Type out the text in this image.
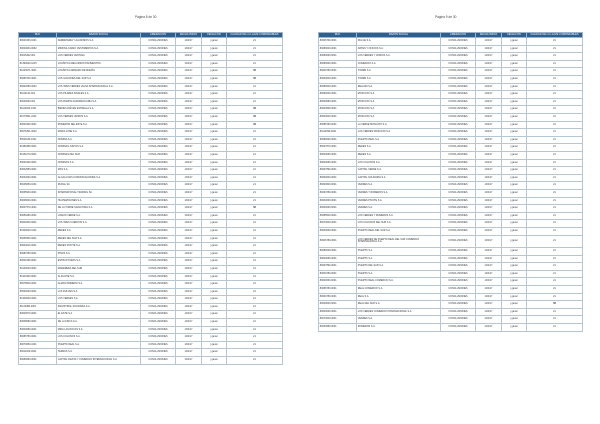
Página 8 de 30
RUC	RAZON SOCIAL	LIBERACIÓN	FECHA INICIO	FECHA FIN	CALIDAD DE LA LLAVE COMPARABLES
80000153-1001	FERRETERIA Y ALUMINIOS S.A.	CONCLUSIONES	1/04/17	j ganar	21
80000034-0062	MIMOSA CAREY VESTIMENTAS S.A.	CONCLUSIONES	1/04/17	j ganar	21
80015402-001	LOS VERDES VENTASA	CONCLUSIONES	1/04/17	j ganar	21
81390000-1015	LOGÍSTICA RECURSOS PAVIMENTOS	CONCLUSIONES	1/04/17	j ganar	21
81023071-3001	LOGÍSTICA ARMADO DE MAMÁS	CONCLUSIONES	1/04/17	j ganar	NB
80080700-3001	LOS GAVIONES DEL SUR S.A.	CONCLUSIONES	1/04/17	j ganar	NB
80002080-0032	LOS TRES VERDES VALSA INTERNACIONAL S.A.	CONCLUSIONES	1/04/17	j ganar	21
81102131-001	LOS PILARES FINALES S.A.	CONCLUSIONES	1/04/17	j ganar	21
80040030-001	LOS RAMOS AGROPECUARIA S.A.	CONCLUSIONES	1/04/17	j ganar	21
81102003-1001	BIENES RAÍCES ESTRELLA S.A.	CONCLUSIONES	1/04/17	j ganar	NB
81073501-1001	LOS VERDES UNIDOS S.A.	CONCLUSIONES	1/04/17	j ganar	NB
80000460-0001	ROMEROS DEL ESTE S.A.	CONCLUSIONES	1/04/17	j ganar	NB
80076301-0002	MARIA JOSE S.A.	CONCLUSIONES	1/04/17	j ganar	21
80041180-1001	NOMINA S.A.	CONCLUSIONES	1/04/17	j ganar	21
80180380-0001	NOMINAS JUNTAS S.A.	CONCLUSIONES	1/04/17	j ganar	21
80131070-0001	NOMINAS DEL SUR	CONCLUSIONES	1/04/17	j ganar	21
80000430-0001	NOMINAS S.A.	CONCLUSIONES	1/04/17	j ganar	21
80002580-0001	MAS S.A.	CONCLUSIONES	1/04/17	j ganar	21
80034000-0001	ALCALA MAS COMUNICACIONES S.A.	CONCLUSIONES	1/04/17	j ganar	21
80045050-1001	RURAL SA	CONCLUSIONES	1/04/17	j ganar	21
80065930-0001	INTERNATIONAL TRADING SA	CONCLUSIONES	1/04/17	j ganar	21
80008000-0001	HUATEMOCINES S.A.	CONCLUSIONES	1/04/17	j ganar	21
80007570-3001	DE LA TORRE SIGNATURA S.A.	CONCLUSIONES	1/04/17	j ganar	NB
80056280-0001	LICEOS VERDE S.A.	CONCLUSIONES	1/04/17	j ganar	21
80002000-0001	LOS TRES CUERVOS S.A.	CONCLUSIONES	1/04/17	j ganar	21
80100020-1001	REDES S.A.	CONCLUSIONES	1/04/17	j ganar	21
80066560-0001	REDES DEL SUR S.A.	CONCLUSIONES	1/04/17	j ganar	21
80004610-0001	REDES PIVOTE S.A.	CONCLUSIONES	1/04/17	j ganar	21
80080780-0001	PINOS S.A.	CONCLUSIONES	1/04/17	j ganar	21
80001080-0001	ESTRUCTURAS S.A.	CONCLUSIONES	1/04/17	j ganar	21
80130030-0001	MADERERA DEL SUR	CONCLUSIONES	1/04/17	j ganar	21
80104300-0001	ALICANTE S.A.	CONCLUSIONES	1/04/17	j ganar	21
80078000-0001	ALMAS PRIMERO S.A.	CONCLUSIONES	1/04/17	j ganar	21
80000030-0001	LAS DULCES S.A.	CONCLUSIONES	1/04/17	j ganar	21
80100000-0001	LOS VERDES S.A.	CONCLUSIONES	1/04/17	j ganar	21
81110080-0001	INDUSTRIAL SOLIDARIA S.A.	CONCLUSIONES	1/04/17	j ganar	21
80000070-0001	EL ESTE S.A.	CONCLUSIONES	1/04/17	j ganar	21
80008080-0001	DE LA FINCA S.A.	CONCLUSIONES	1/04/17	j ganar	21
80000080-0001	MINA LAS ROCAS S.A.	CONCLUSIONES	1/04/17	j ganar	21
80086750-0001	LOS COLONOS S.A.	CONCLUSIONES	1/04/17	j ganar	21
80070050-1001	PUERTO REAL S.A.	CONCLUSIONES	1/04/17	j ganar	21
80011000-0001	TERRAS S.A.	CONCLUSIONES	1/04/17	j ganar	21
80080080-0001	CAPITAL FIESTA Y COMERCIO INTERNACIONAL S.A.	CONCLUSIONES	1/04/17	j ganar	21
Página 9 de 30
RUC	RAZON SOCIAL	LIBERACIÓN	FECHA INICIO	FECHA FIN	CALIDAD DE LA LLAVE COMPARABLES
80006760-0001	DULCE S.A.	CONCLUSIONES	1/04/17	j ganar	21
80080000-0001	ARTES Y OFICIOS S.A.	CONCLUSIONES	1/04/17	j ganar	21
80080060-0001	LOS VERDES Y UNIDOS S.A.	CONCLUSIONES	1/04/17	j ganar	21
80080060-0001	COMERCIO S.A.	CONCLUSIONES	1/04/17	j ganar	21
80000780-0001	TORRE S.A.	CONCLUSIONES	1/04/17	j ganar	21
80000000-0001	TORRE S.A.	CONCLUSIONES	1/04/17	j ganar	21
80080000-0001	REALIZA S.A.	CONCLUSIONES	1/04/17	j ganar	21
80090030-0001	MOSCATO S.A.	CONCLUSIONES	1/04/17	j ganar	21
80000080-0001	MOSCATO S.A.	CONCLUSIONES	1/04/17	j ganar	21
80000560-0001	MOSCATO S.A.	CONCLUSIONES	1/04/17	j ganar	21
80000000-0001	MOSCATO S.A.	CONCLUSIONES	1/04/17	j ganar	21
80086780-0001	LA VERDE MOSCATO S.A.	CONCLUSIONES	1/04/17	j ganar	21
81102090-0001	LOS VERDES MOSCATO S.A.	CONCLUSIONES	1/04/17	j ganar	21
80080060-0001	PUERTO REAL S.A.	CONCLUSIONES	1/04/17	j ganar	21
80007870-0001	REDES S.A.	CONCLUSIONES	1/04/17	j ganar	21
80000080-0001	REDES S.A.	CONCLUSIONES	1/04/17	j ganar	21
80000080-0001	LOS COLONOS S.A.	CONCLUSIONES	1/04/17	j ganar	21
80007890-0001	CAPITAL VERDE S.A.	CONCLUSIONES	1/04/17	j ganar	21
80000000-0001	CAPITAL SOLIDARIA S.A.	CONCLUSIONES	1/04/17	j ganar	21
80000600-0001	VERDES S.A.	CONCLUSIONES	1/04/17	j ganar	21
80000780-0001	VERDES Y ROMEROS S.A.	CONCLUSIONES	1/04/17	j ganar	21
80000060-0001	VERDES PIVOTE S.A.	CONCLUSIONES	1/04/17	j ganar	21
80000060-0001	VERDES S.A.	CONCLUSIONES	1/04/17	j ganar	21
80086500-0001	LOS VERDES Y ROMEROS S.A.	CONCLUSIONES	1/04/17	j ganar	21
80070000-0001	LOS COLONOS DEL SUR S.A.	CONCLUSIONES	1/04/17	j ganar	21
80000060-0001	PUERTO REAL DEL SUR S.A.	CONCLUSIONES	1/04/17	j ganar	21
80006780-0001	LOS VERDES DE PUERTO REAL DEL SUR COMERCIO INTERNACIONAL S.A.	CONCLUSIONES	1/04/17	j ganar	21
80080060-0001	PUERTO S.A.	CONCLUSIONES	1/04/17	j ganar	21
80000080-0001	PUERTO S.A.	CONCLUSIONES	1/04/17	j ganar	21
80007890-0001	PUERTO DEL SUR S.A.	CONCLUSIONES	1/04/17	j ganar	21
80000780-0001	PUERTO S.A.	CONCLUSIONES	1/04/17	j ganar	21
80000060-0001	PUERTO REAL COMERCIO S.A.	CONCLUSIONES	1/04/17	j ganar	21
80086780-0001	REAL COMERCIO S.A.	CONCLUSIONES	1/04/17	j ganar	21
80000780-0001	REAL S.A.	CONCLUSIONES	1/04/17	j ganar	21
80000000-0001	REAL DEL SUR S.A.	CONCLUSIONES	1/04/17	j ganar	NB
80000060-0001	LOS VERDES COMERCIO INTERNACIONAL S.A.	CONCLUSIONES	1/04/17	j ganar	21
80070000-0001	VERDES S.A.	CONCLUSIONES	1/04/17	j ganar	21
80000580-0001	ROMEROS S.A.	CONCLUSIONES	1/04/17	j ganar	21
